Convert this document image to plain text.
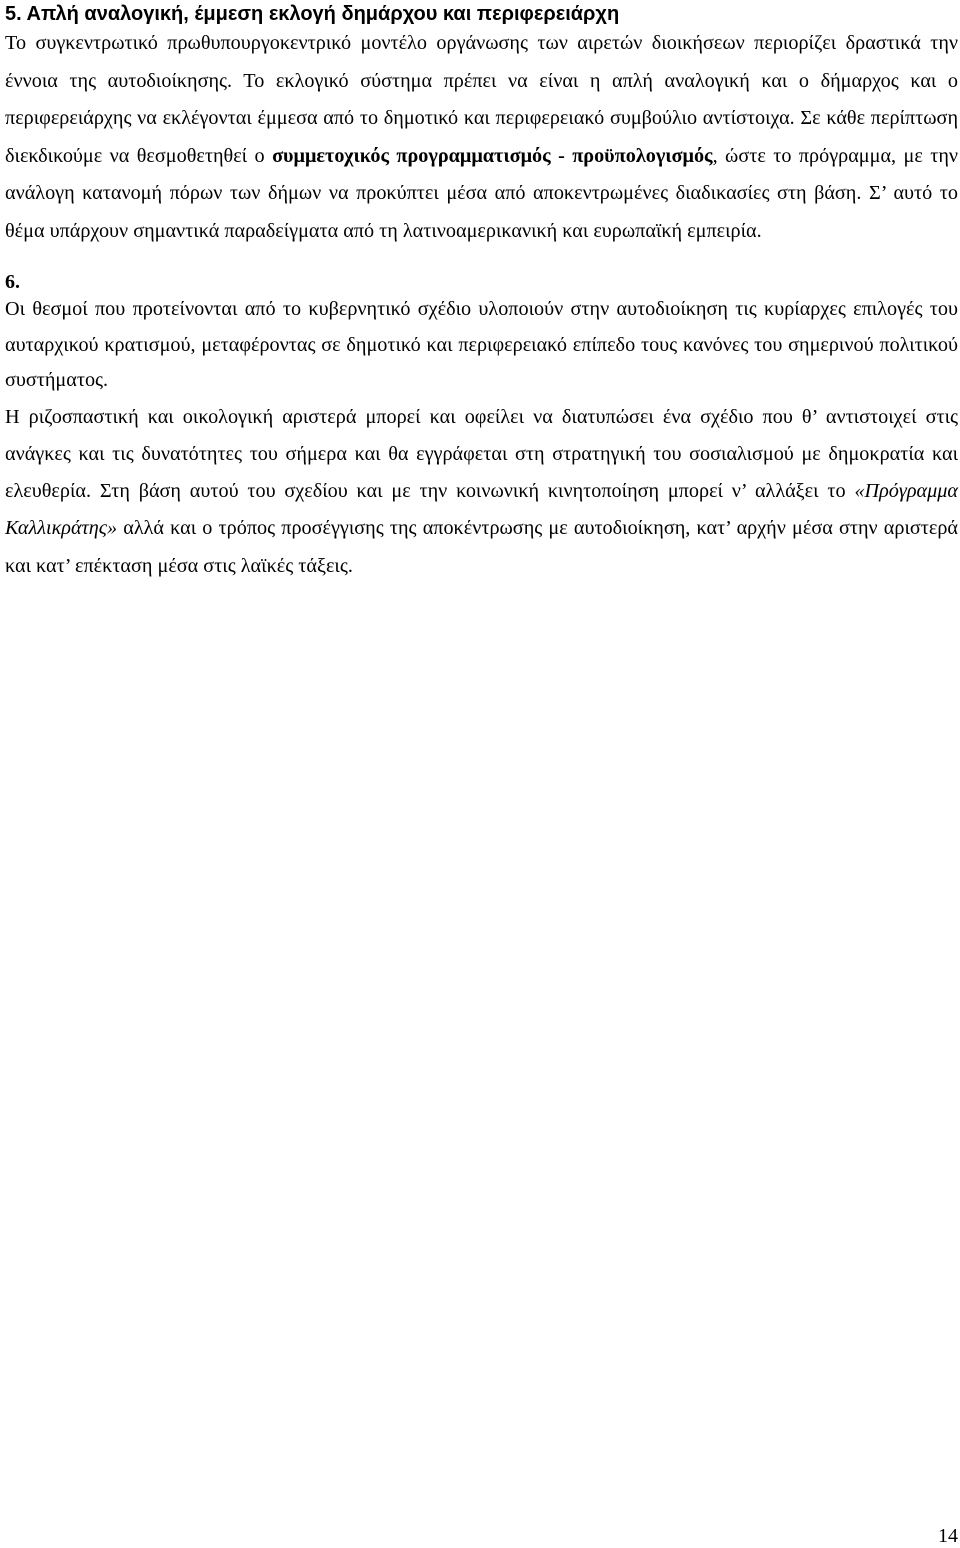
5. Απλή αναλογική, έμμεση εκλογή δημάρχου και περιφερειάρχη

Το συγκεντρωτικό πρωθυπουργοκεντρικό μοντέλο οργάνωσης των αιρετών διοικήσεων περιορίζει δραστικά την έννοια της αυτοδιοίκησης. Το εκλογικό σύστημα πρέπει να είναι η απλή αναλογική και ο δήμαρχος και ο περιφερειάρχης να εκλέγονται έμμεσα από το δημοτικό και περιφερειακό συμβούλιο αντίστοιχα. Σε κάθε περίπτωση διεκδικούμε να θεσμοθετηθεί ο συμμετοχικός προγραμματισμός - προϋπολογισμός, ώστε το πρόγραμμα, με την ανάλογη κατανομή πόρων των δήμων να προκύπτει μέσα από αποκεντρωμένες διαδικασίες στη βάση. Σ’ αυτό το θέμα υπάρχουν σημαντικά παραδείγματα από τη λατινοαμερικανική και ευρωπαϊκή εμπειρία.

6.

Οι θεσμοί που προτείνονται από το κυβερνητικό σχέδιο υλοποιούν στην αυτοδιοίκηση τις κυρίαρχες επιλογές του αυταρχικού κρατισμού, μεταφέροντας σε δημοτικό και περιφερειακό επίπεδο τους κανόνες του σημερινού πολιτικού συστήματος.

Η ριζοσπαστική και οικολογική αριστερά μπορεί και οφείλει να διατυπώσει ένα σχέδιο που θ’ αντιστοιχεί στις ανάγκες και τις δυνατότητες του σήμερα και θα εγγράφεται στη στρατηγική του σοσιαλισμού με δημοκρατία και ελευθερία. Στη βάση αυτού του σχεδίου και με την κοινωνική κινητοποίηση μπορεί ν’ αλλάξει το «Πρόγραμμα Καλλικράτης» αλλά και ο τρόπος προσέγγισης της αποκέντρωσης με αυτοδιοίκηση, κατ’ αρχήν μέσα στην αριστερά και κατ’ επέκταση μέσα στις λαϊκές τάξεις.

14
